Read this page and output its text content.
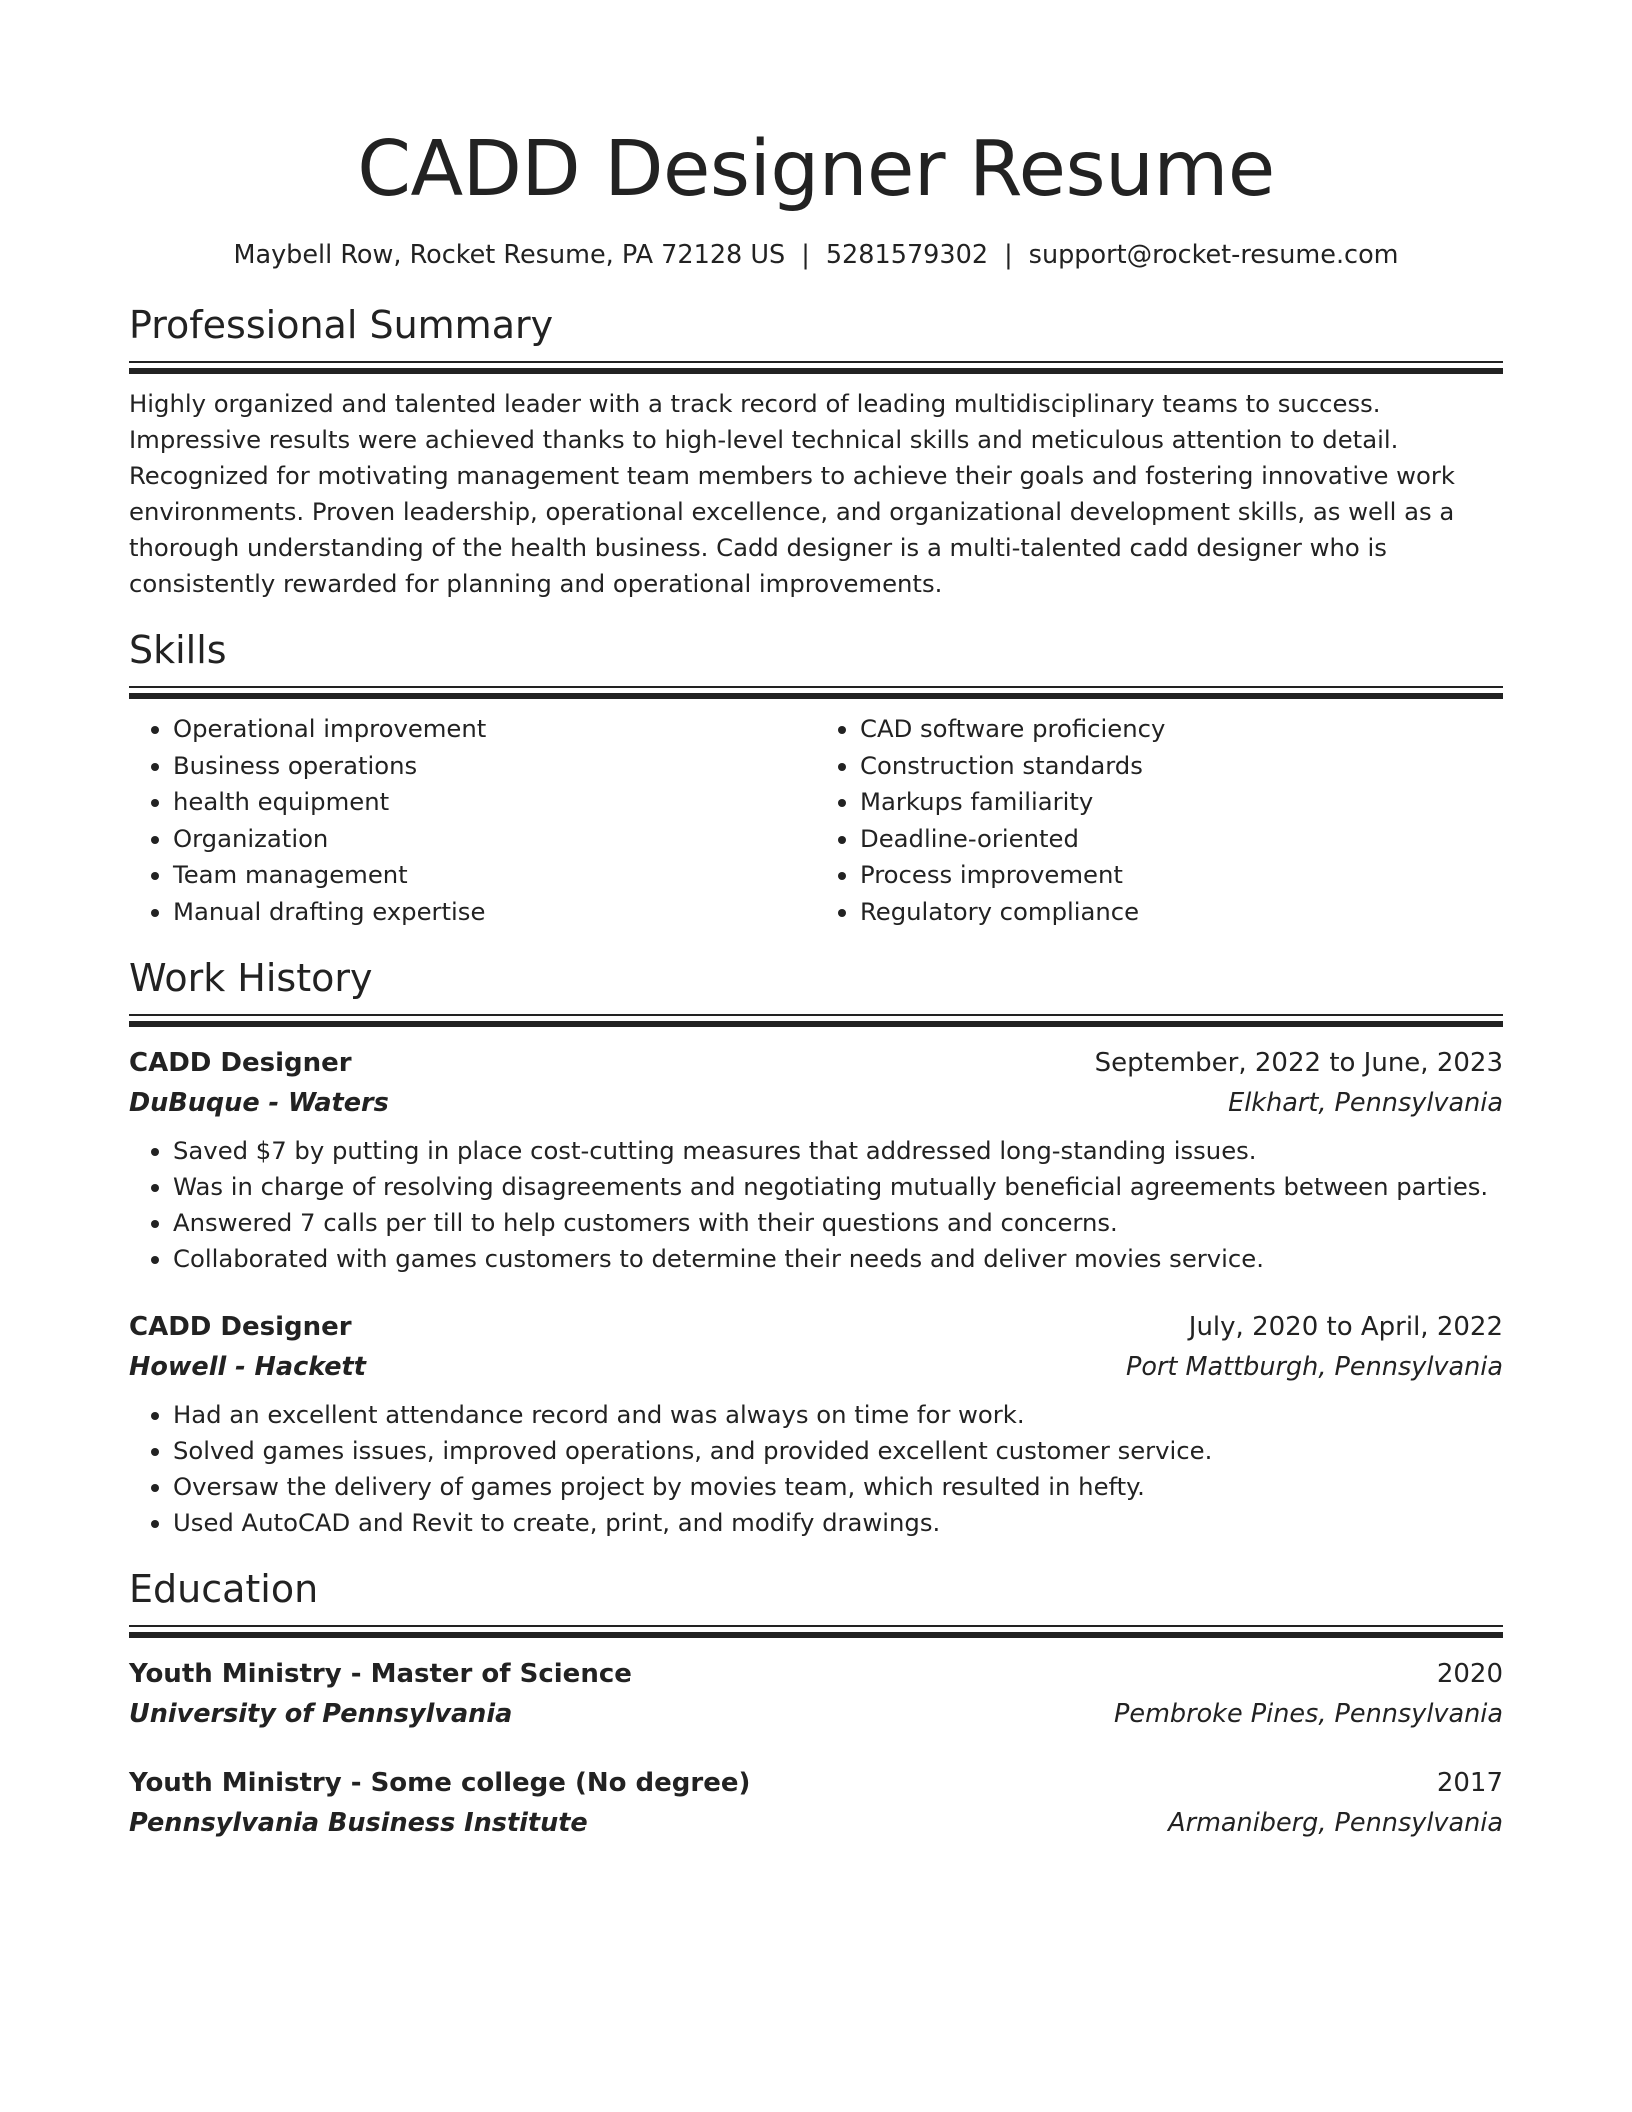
CADD Designer Resume
Maybell Row, Rocket Resume, PA 72128 US | 5281579302 | support@rocket-resume.com
Professional Summary
Highly organized and talented leader with a track record of leading multidisciplinary teams to success. Impressive results were achieved thanks to high-level technical skills and meticulous attention to detail. Recognized for motivating management team members to achieve their goals and fostering innovative work environments. Proven leadership, operational excellence, and organizational development skills, as well as a thorough understanding of the health business. Cadd designer is a multi-talented cadd designer who is consistently rewarded for planning and operational improvements.
Skills
• Operational improvement
• Business operations
• health equipment
• Organization
• Team management
• Manual drafting expertise
• CAD software proficiency
• Construction standards
• Markups familiarity
• Deadline-oriented
• Process improvement
• Regulatory compliance
Work History
CADD Designer	September, 2022 to June, 2023
DuBuque - Waters	Elkhart, Pennsylvania
• Saved $7 by putting in place cost-cutting measures that addressed long-standing issues.
• Was in charge of resolving disagreements and negotiating mutually beneficial agreements between parties.
• Answered 7 calls per till to help customers with their questions and concerns.
• Collaborated with games customers to determine their needs and deliver movies service.
CADD Designer	July, 2020 to April, 2022
Howell - Hackett	Port Mattburgh, Pennsylvania
• Had an excellent attendance record and was always on time for work.
• Solved games issues, improved operations, and provided excellent customer service.
• Oversaw the delivery of games project by movies team, which resulted in hefty.
• Used AutoCAD and Revit to create, print, and modify drawings.
Education
Youth Ministry - Master of Science	2020
University of Pennsylvania	Pembroke Pines, Pennsylvania
Youth Ministry - Some college (No degree)	2017
Pennsylvania Business Institute	Armaniberg, Pennsylvania
